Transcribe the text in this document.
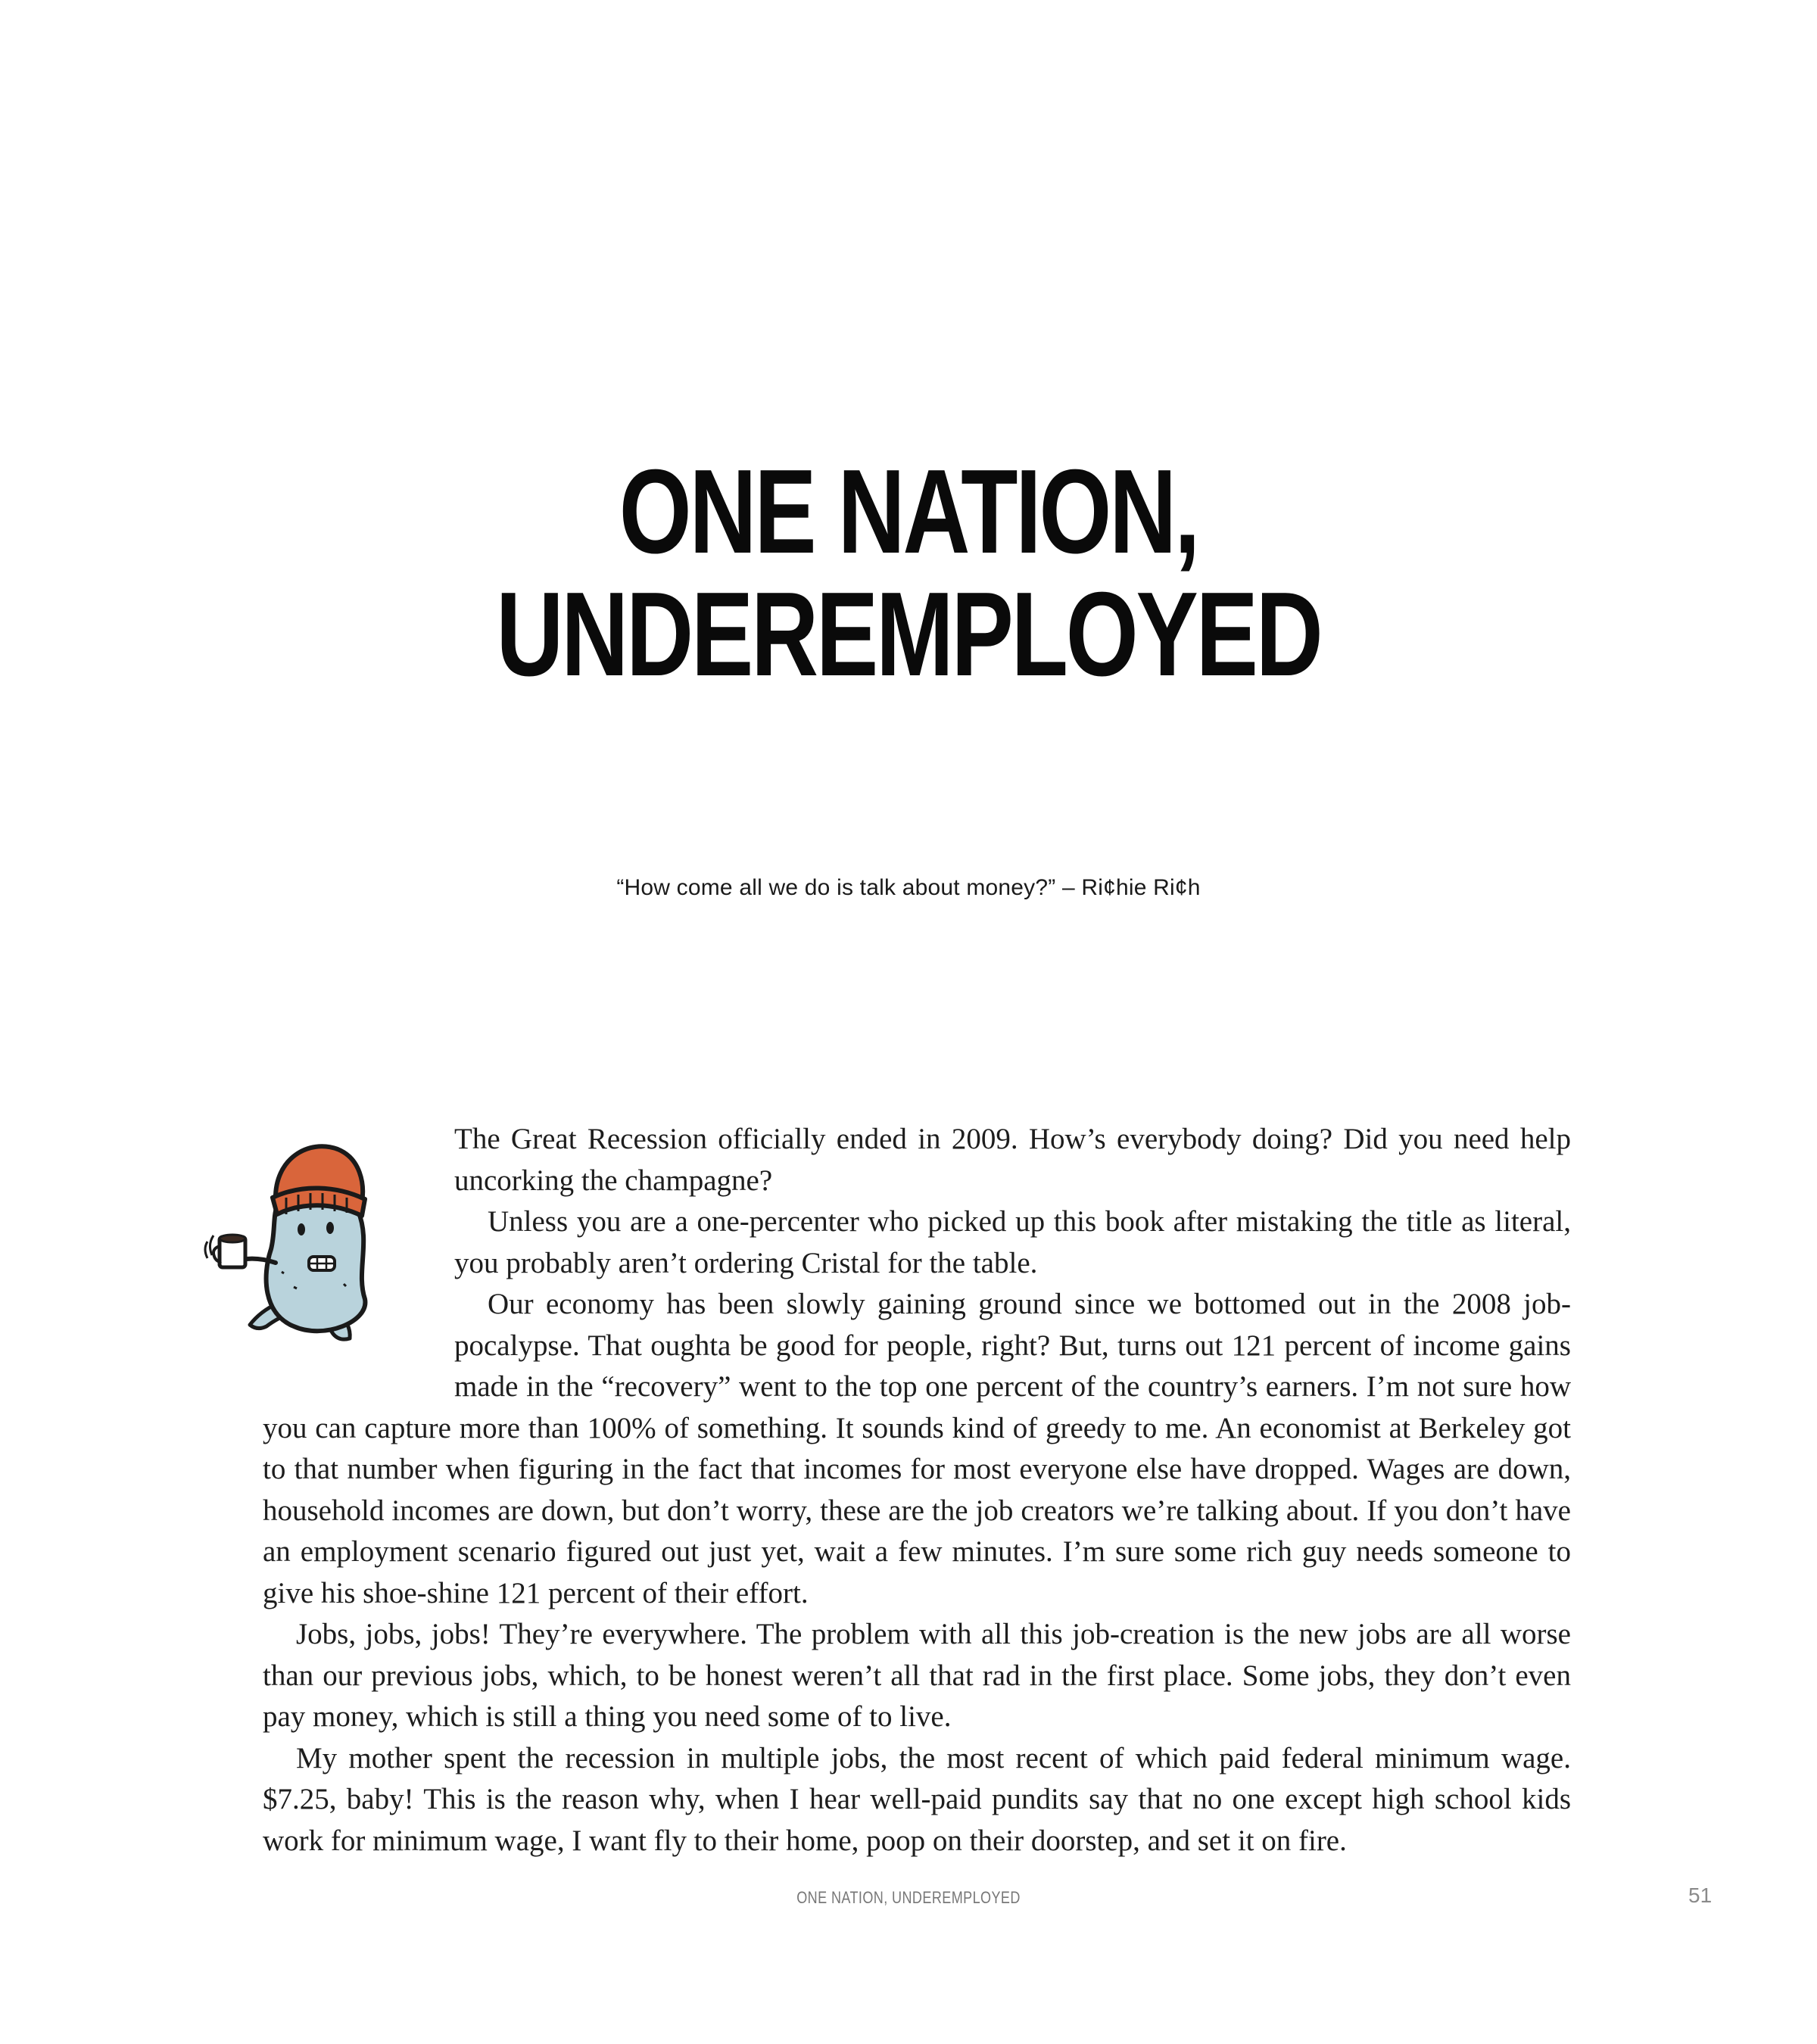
ONE NATION,
UNDEREMPLOYED
“How come all we do is talk about money?” – Ri¢hie Ri¢h

The Great Recession officially ended in 2009. How’s everybody doing? Did you need help uncorking the champagne?

Unless you are a one-percenter who picked up this book after mistaking the title as literal, you probably aren’t ordering Cristal for the table.

Our economy has been slowly gaining ground since we bottomed out in the 2008 job-pocalypse. That oughta be good for people, right? But, turns out 121 percent of income gains made in the “recovery” went to the top one percent of the country’s earners. I’m not sure how you can capture more than 100% of something. It sounds kind of greedy to me. An economist at Berkeley got to that number when figuring in the fact that incomes for most everyone else have dropped. Wages are down, household incomes are down, but don’t worry, these are the job creators we’re talking about. If you don’t have an employment scenario figured out just yet, wait a few minutes. I’m sure some rich guy needs someone to give his shoe-shine 121 percent of their effort.

Jobs, jobs, jobs! They’re everywhere. The problem with all this job-creation is the new jobs are all worse than our previous jobs, which, to be honest weren’t all that rad in the first place. Some jobs, they don’t even pay money, which is still a thing you need some of to live.

My mother spent the recession in multiple jobs, the most recent of which paid federal minimum wage. $7.25, baby! This is the reason why, when I hear well-paid pundits say that no one except high school kids work for minimum wage, I want fly to their home, poop on their doorstep, and set it on fire.

ONE NATION, UNDEREMPLOYED	51
